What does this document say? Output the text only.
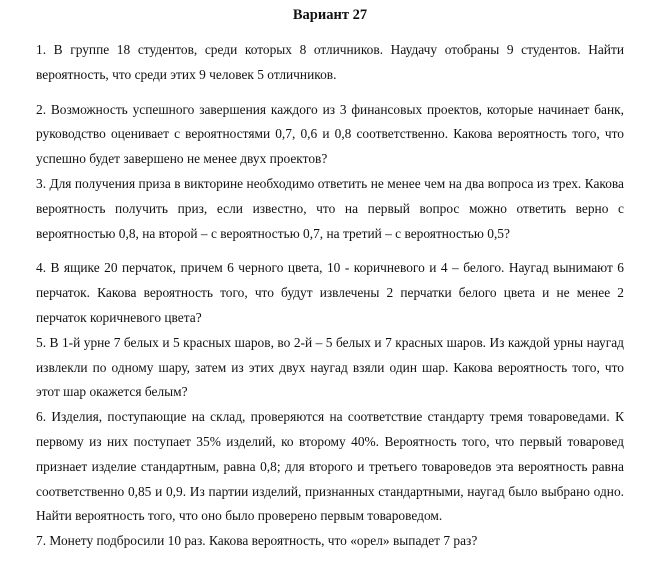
Вариант 27

1. В группе 18 студентов, среди которых 8 отличников. Наудачу отобраны 9 студентов. Найти вероятность, что среди этих 9 человек 5 отличников.

2. Возможность успешного завершения каждого из 3 финансовых проектов, которые начинает банк, руководство оценивает с вероятностями 0,7, 0,6 и 0,8 соответственно. Какова вероятность того, что успешно будет завершено не менее двух проектов?

3. Для получения приза в викторине необходимо ответить не менее чем на два вопроса из трех. Какова вероятность получить приз, если известно, что на первый вопрос можно ответить верно с вероятностью 0,8, на второй – с вероятностью 0,7, на третий – с вероятностью 0,5?

4. В ящике 20 перчаток, причем 6 черного цвета, 10 - коричневого и 4 – белого. Наугад вынимают 6 перчаток. Какова вероятность того, что будут извлечены 2 перчатки белого цвета и не менее 2 перчаток коричневого цвета?

5. В 1-й урне 7 белых и 5 красных шаров, во 2-й – 5 белых и 7 красных шаров. Из каждой урны наугад извлекли по одному шару, затем из этих двух наугад взяли один шар. Какова вероятность того, что этот шар окажется белым?

6. Изделия, поступающие на склад, проверяются на соответствие стандарту тремя товароведами. К первому из них поступает 35% изделий, ко второму 40%. Вероятность того, что первый товаровед признает изделие стандартным, равна 0,8; для второго и третьего товароведов эта вероятность равна соответственно 0,85 и 0,9. Из партии изделий, признанных стандартными, наугад было выбрано одно. Найти вероятность того, что оно было проверено первым товароведом.

7. Монету подбросили 10 раз. Какова вероятность, что «орел» выпадет 7 раз?
